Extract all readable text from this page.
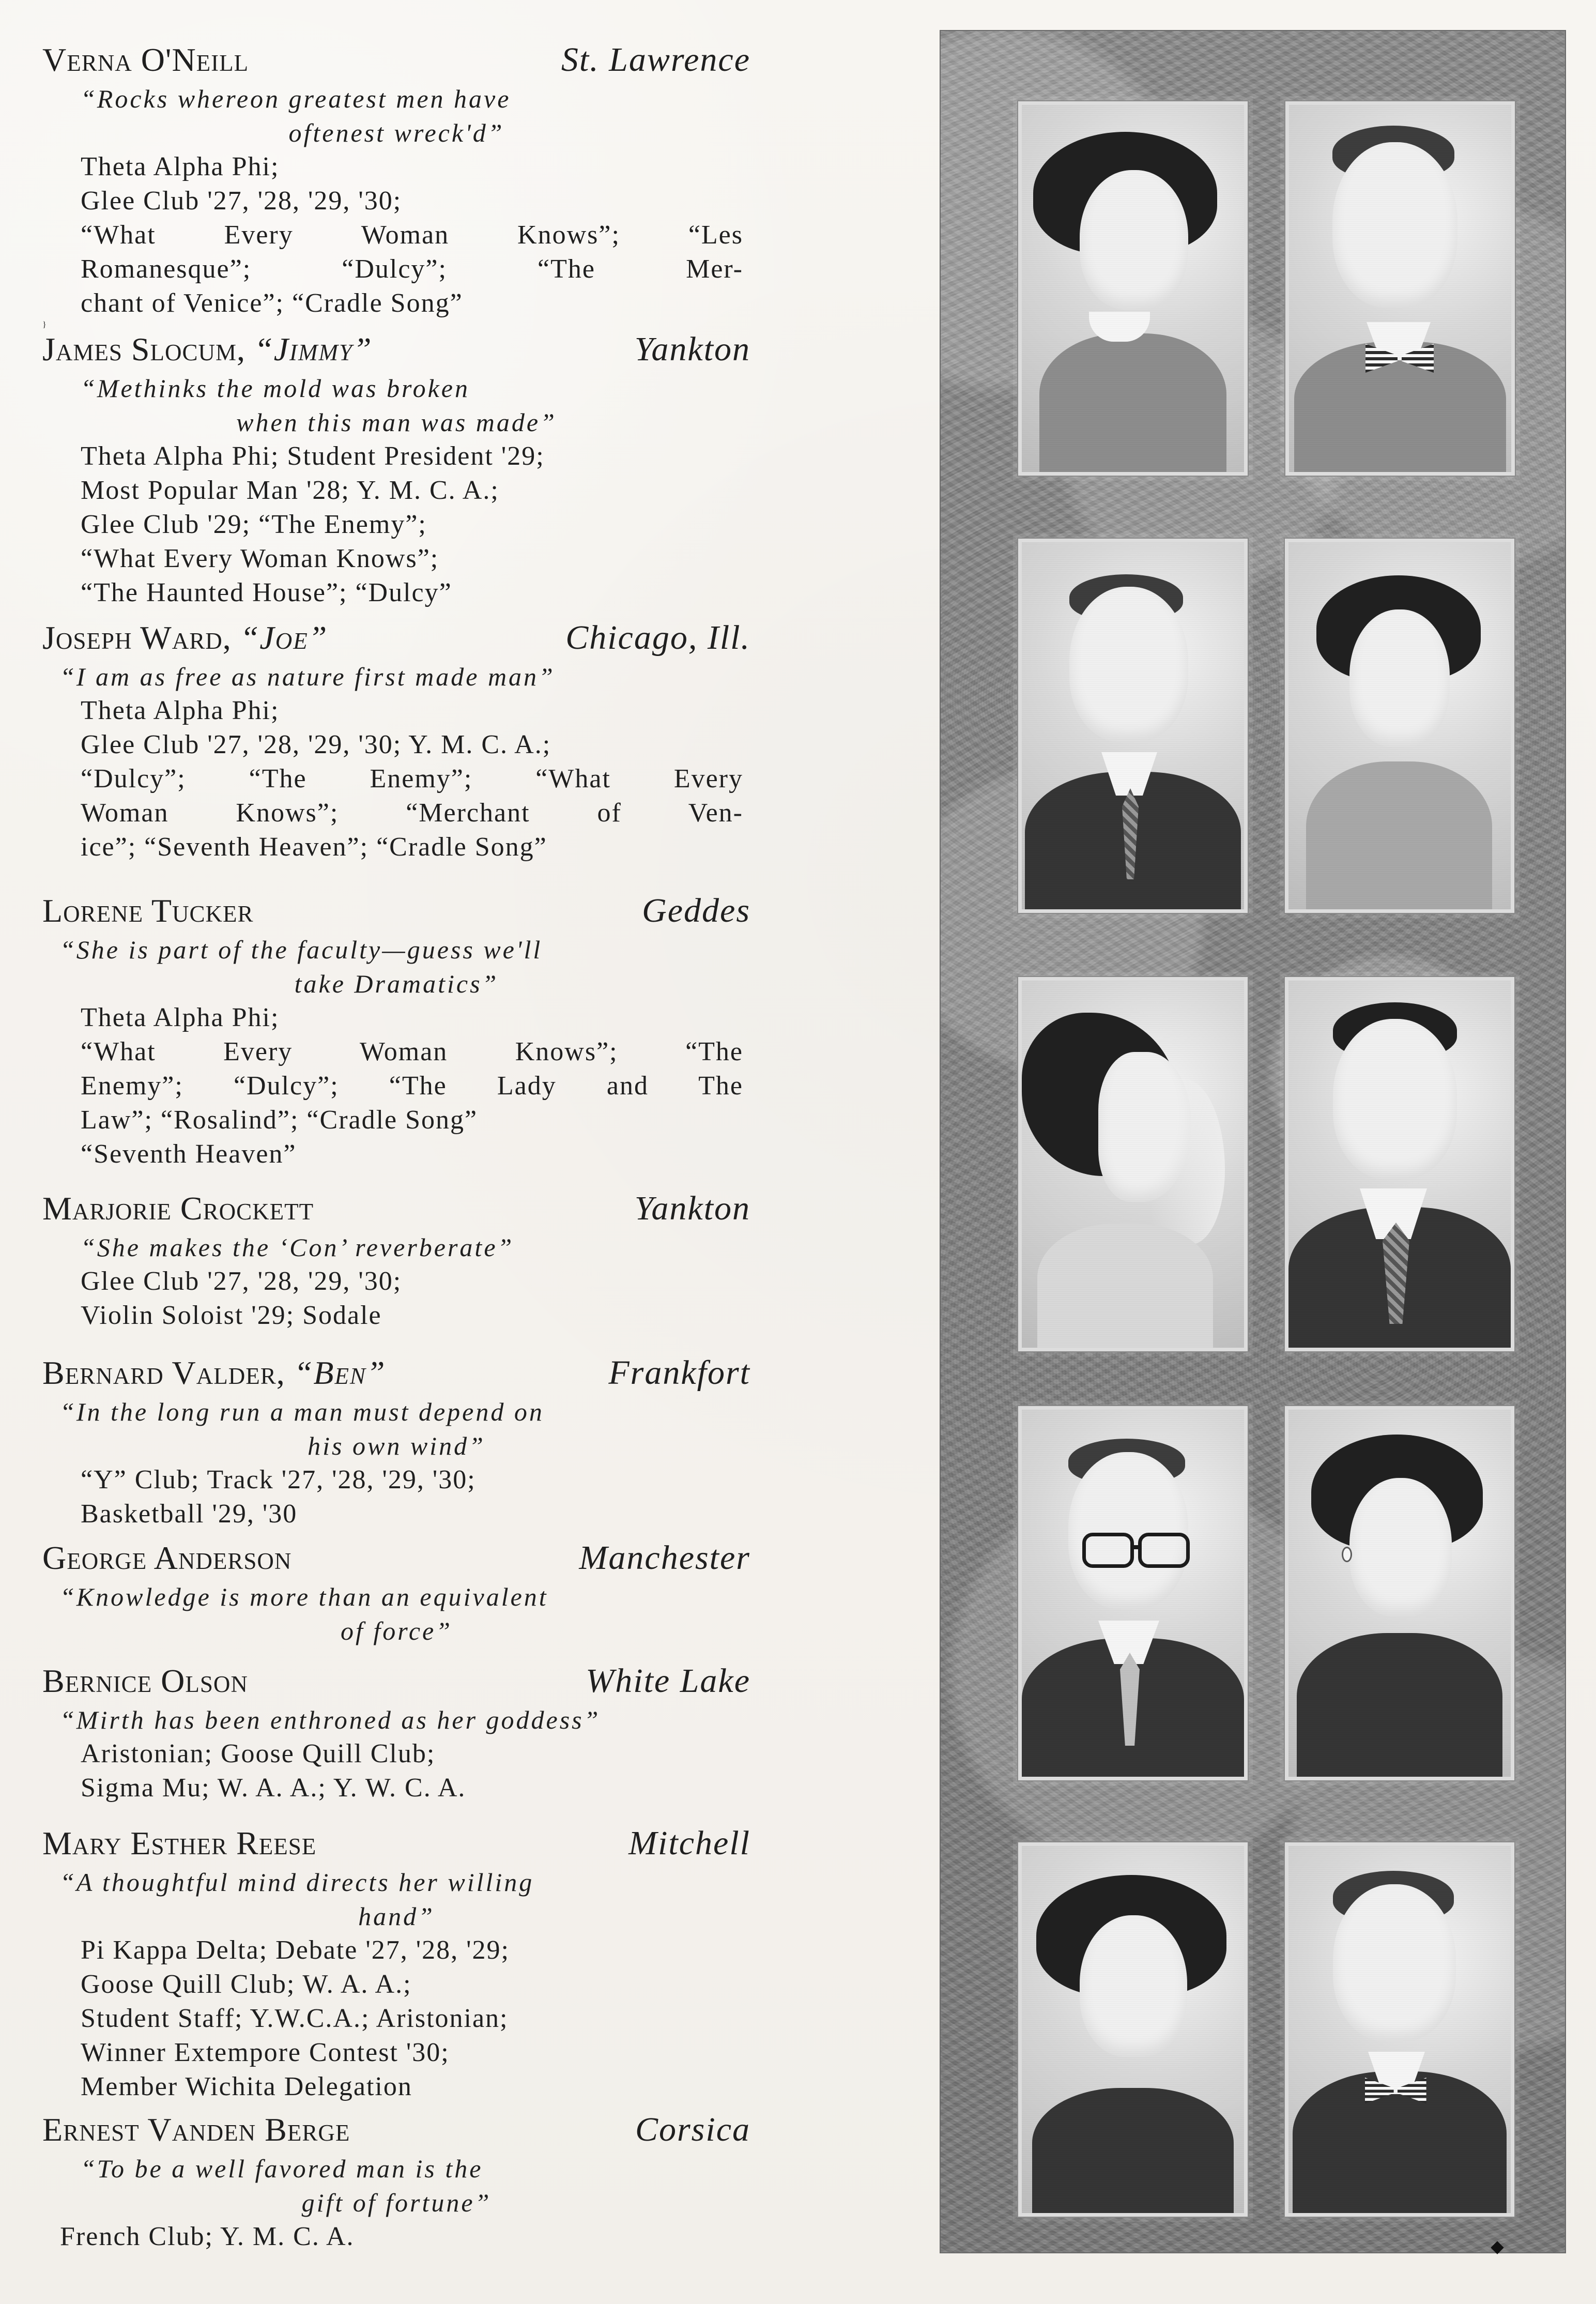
Verna O'Neill	St. Lawrence
“Rocks whereon greatest men have
oftenest wreck'd”
Theta Alpha Phi;
Glee Club '27, '28, '29, '30;
“What Every Woman Knows”; “Les
Romanesque”; “Dulcy”; “The Mer-
chant of Venice”; “Cradle Song”
}
James Slocum, “Jimmy”	Yankton
“Methinks the mold was broken
when this man was made”
Theta Alpha Phi; Student President '29;
Most Popular Man '28; Y. M. C. A.;
Glee Club '29; “The Enemy”;
“What Every Woman Knows”;
“The Haunted House”; “Dulcy”
Joseph Ward, “Joe”	Chicago, Ill.
“I am as free as nature first made man”
Theta Alpha Phi;
Glee Club '27, '28, '29, '30; Y. M. C. A.;
“Dulcy”; “The Enemy”; “What Every
Woman Knows”; “Merchant of Ven-
ice”; “Seventh Heaven”; “Cradle Song”
Lorene Tucker	Geddes
“She is part of the faculty—guess we'll
take Dramatics”
Theta Alpha Phi;
“What Every Woman Knows”; “The
Enemy”; “Dulcy”; “The Lady and The
Law”; “Rosalind”; “Cradle Song”
“Seventh Heaven”
Marjorie Crockett	Yankton
“She makes the ‘Con’ reverberate”
Glee Club '27, '28, '29, '30;
Violin Soloist '29; Sodale
Bernard Valder, “Ben”	Frankfort
“In the long run a man must depend on
his own wind”
“Y” Club; Track '27, '28, '29, '30;
Basketball '29, '30
George Anderson	Manchester
“Knowledge is more than an equivalent
of force”
Bernice Olson	White Lake
“Mirth has been enthroned as her goddess”
Aristonian; Goose Quill Club;
Sigma Mu; W. A. A.; Y. W. C. A.
Mary Esther Reese	Mitchell
“A thoughtful mind directs her willing
hand”
Pi Kappa Delta; Debate '27, '28, '29;
Goose Quill Club; W. A. A.;
Student Staff; Y.W.C.A.; Aristonian;
Winner Extempore Contest '30;
Member Wichita Delegation
Ernest Vanden Berge	Corsica
“To be a well favored man is the
gift of fortune”
French Club; Y. M. C. A.
